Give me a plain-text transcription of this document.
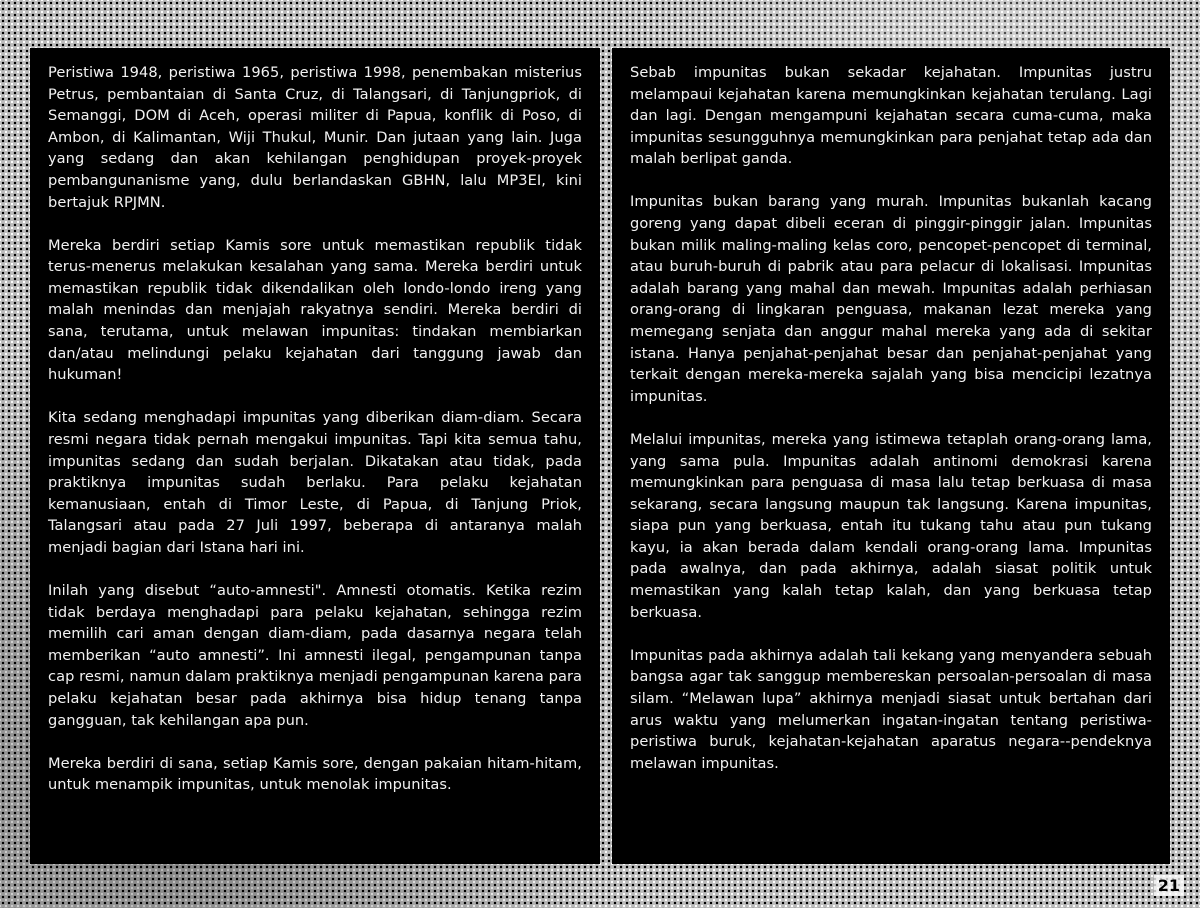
Peristiwa 1948, peristiwa 1965, peristiwa 1998, penembakan misterius Petrus, pembantaian di Santa Cruz, di Talangsari, di Tanjungpriok, di Semanggi, DOM di Aceh, operasi militer di Papua, konflik di Poso, di Ambon, di Kalimantan, Wiji Thukul, Munir. Dan jutaan yang lain. Juga yang sedang dan akan kehilangan penghidupan proyek-proyek pembangunanisme yang, dulu berlandaskan GBHN, lalu MP3EI, kini bertajuk RPJMN.

Mereka berdiri setiap Kamis sore untuk memastikan republik tidak terus-menerus melakukan kesalahan yang sama. Mereka berdiri untuk memastikan republik tidak dikendalikan oleh londo-londo ireng yang malah menindas dan menjajah rakyatnya sendiri. Mereka berdiri di sana, terutama, untuk melawan impunitas: tindakan membiarkan dan/atau melindungi pelaku kejahatan dari tanggung jawab dan hukuman!

Kita sedang menghadapi impunitas yang diberikan diam-diam. Secara resmi negara tidak pernah mengakui impunitas. Tapi kita semua tahu, impunitas sedang dan sudah berjalan. Dikatakan atau tidak, pada praktiknya impunitas sudah berlaku. Para pelaku kejahatan kemanusiaan, entah di Timor Leste, di Papua, di Tanjung Priok, Talangsari atau pada 27 Juli 1997, beberapa di antaranya malah menjadi bagian dari Istana hari ini.

Inilah yang disebut “auto-amnesti". Amnesti otomatis. Ketika rezim tidak berdaya menghadapi para pelaku kejahatan, sehingga rezim memilih cari aman dengan diam-diam, pada dasarnya negara telah memberikan “auto amnesti”. Ini amnesti ilegal, pengampunan tanpa cap resmi, namun dalam praktiknya menjadi pengampunan karena para pelaku kejahatan besar pada akhirnya bisa hidup tenang tanpa gangguan, tak kehilangan apa pun.

Mereka berdiri di sana, setiap Kamis sore, dengan pakaian hitam-hitam, untuk menampik impunitas, untuk menolak impunitas.

Sebab impunitas bukan sekadar kejahatan. Impunitas justru melampaui kejahatan karena memungkinkan kejahatan terulang. Lagi dan lagi. Dengan mengampuni kejahatan secara cuma-cuma, maka impunitas sesungguhnya memungkinkan para penjahat tetap ada dan malah berlipat ganda.

Impunitas bukan barang yang murah. Impunitas bukanlah kacang goreng yang dapat dibeli eceran di pinggir-pinggir jalan. Impunitas bukan milik maling-maling kelas coro, pencopet-pencopet di terminal, atau buruh-buruh di pabrik atau para pelacur di lokalisasi. Impunitas adalah barang yang mahal dan mewah. Impunitas adalah perhiasan orang-orang di lingkaran penguasa, makanan lezat mereka yang memegang senjata dan anggur mahal mereka yang ada di sekitar istana. Hanya penjahat-penjahat besar dan penjahat-penjahat yang terkait dengan mereka-mereka sajalah yang bisa mencicipi lezatnya impunitas.

Melalui impunitas, mereka yang istimewa tetaplah orang-orang lama, yang sama pula. Impunitas adalah antinomi demokrasi karena memungkinkan para penguasa di masa lalu tetap berkuasa di masa sekarang, secara langsung maupun tak langsung. Karena impunitas, siapa pun yang berkuasa, entah itu tukang tahu atau pun tukang kayu, ia akan berada dalam kendali orang-orang lama. Impunitas pada awalnya, dan pada akhirnya, adalah siasat politik untuk memastikan yang kalah tetap kalah, dan yang berkuasa tetap berkuasa.

Impunitas pada akhirnya adalah tali kekang yang menyandera sebuah bangsa agar tak sanggup membereskan persoalan-persoalan di masa silam. “Melawan lupa” akhirnya menjadi siasat untuk bertahan dari arus waktu yang melumerkan ingatan-ingatan tentang peristiwa-peristiwa buruk, kejahatan-kejahatan aparatus negara--pendeknya melawan impunitas.

21
